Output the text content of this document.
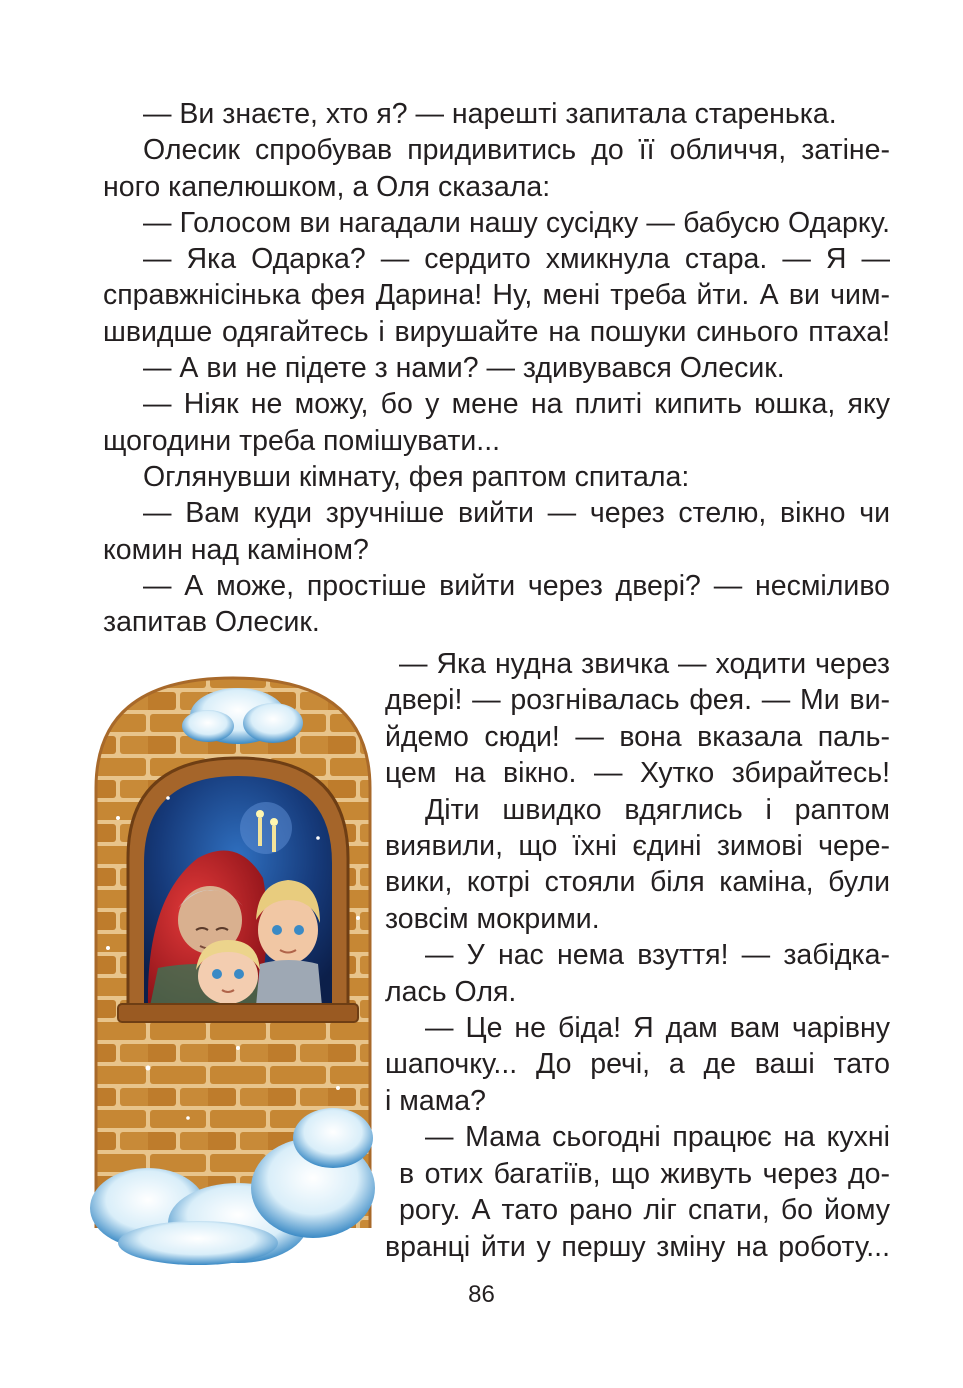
— Ви знаєте, хто я? — нарешті запитала старенька.

Олесик спробував придивитись до її обличчя, затіне-
ного капелюшком, а Оля сказала:

— Голосом ви нагадали нашу сусідку — бабусю Одарку.

— Яка Одарка? — сердито хмикнула стара. — Я —
справжнісінька фея Дарина! Ну, мені треба йти. А ви чим-
швидше одягайтесь і вирушайте на пошуки синього птаха!

— А ви не підете з нами? — здивувався Олесик.

— Ніяк не можу, бо у мене на плиті кипить юшка, яку
щогодини треба помішувати...

Оглянувши кімнату, фея раптом спитала:

— Вам куди зручніше вийти — через стелю, вікно чи
комин над каміном?

— А може, простіше вийти через двері? — несміливо
запитав Олесик.

— Яка нудна звичка — ходити через
двері! — розгнівалась фея. — Ми ви-
йдемо сюди! — вона вказала паль-
цем на вікно. — Хутко збирайтесь!
Діти швидко вдяглись і раптом
виявили, що їхні єдині зимові чере-
вики, котрі стояли біля каміна, були
зовсім мокрими.
— У нас нема взуття! — забідка-
лась Оля.
— Це не біда! Я дам вам чарівну
шапочку... До речі, а де ваші тато
і мама?
— Мама сьогодні працює на кухні
в отих багатіїв, що живуть через до-
рогу. А тато рано ліг спати, бо йому
вранці йти у першу зміну на роботу...
86
